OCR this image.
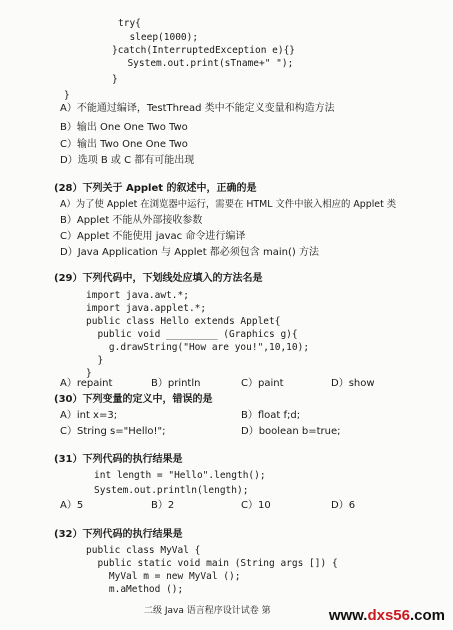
try{
sleep(1000);
}catch(InterruptedException e){}
System.out.print(sTname+" ");
}
}
A）不能通过编译，TestThread 类中不能定义变量和构造方法
B）输出 One One Two Two
C）输出 Two One One Two
D）选项 B 或 C 都有可能出现
(28）下列关于 Applet 的叙述中，正确的是
A）为了使 Applet 在浏览器中运行，需要在 HTML 文件中嵌入相应的 Applet 类
B）Applet 不能从外部接收参数
C）Applet 不能使用 javac 命令进行编译
D）Java Application 与 Applet 都必须包含 main() 方法
(29）下列代码中，下划线处应填入的方法名是
import java.awt.*;
import java.applet.*;
public class Hello extends Applet{
public void _________ (Graphics g){
g.drawString("How are you!",10,10);
}
}
A）repaint	B）println	C）paint	D）show
(30）下列变量的定义中，错误的是
A）int x=3;	B）float f;d;
C）String s="Hello!";	D）boolean b=true;
(31）下列代码的执行结果是
int length = "Hello".length();
System.out.println(length);
A）5	B）2	C）10	D）6
(32）下列代码的执行结果是
public class MyVal {
public static void main (String args []) {
MyVal m = new MyVal ();
m.aMethod ();
二级 Java 语言程序设计试卷 第	www.dxs56.com
